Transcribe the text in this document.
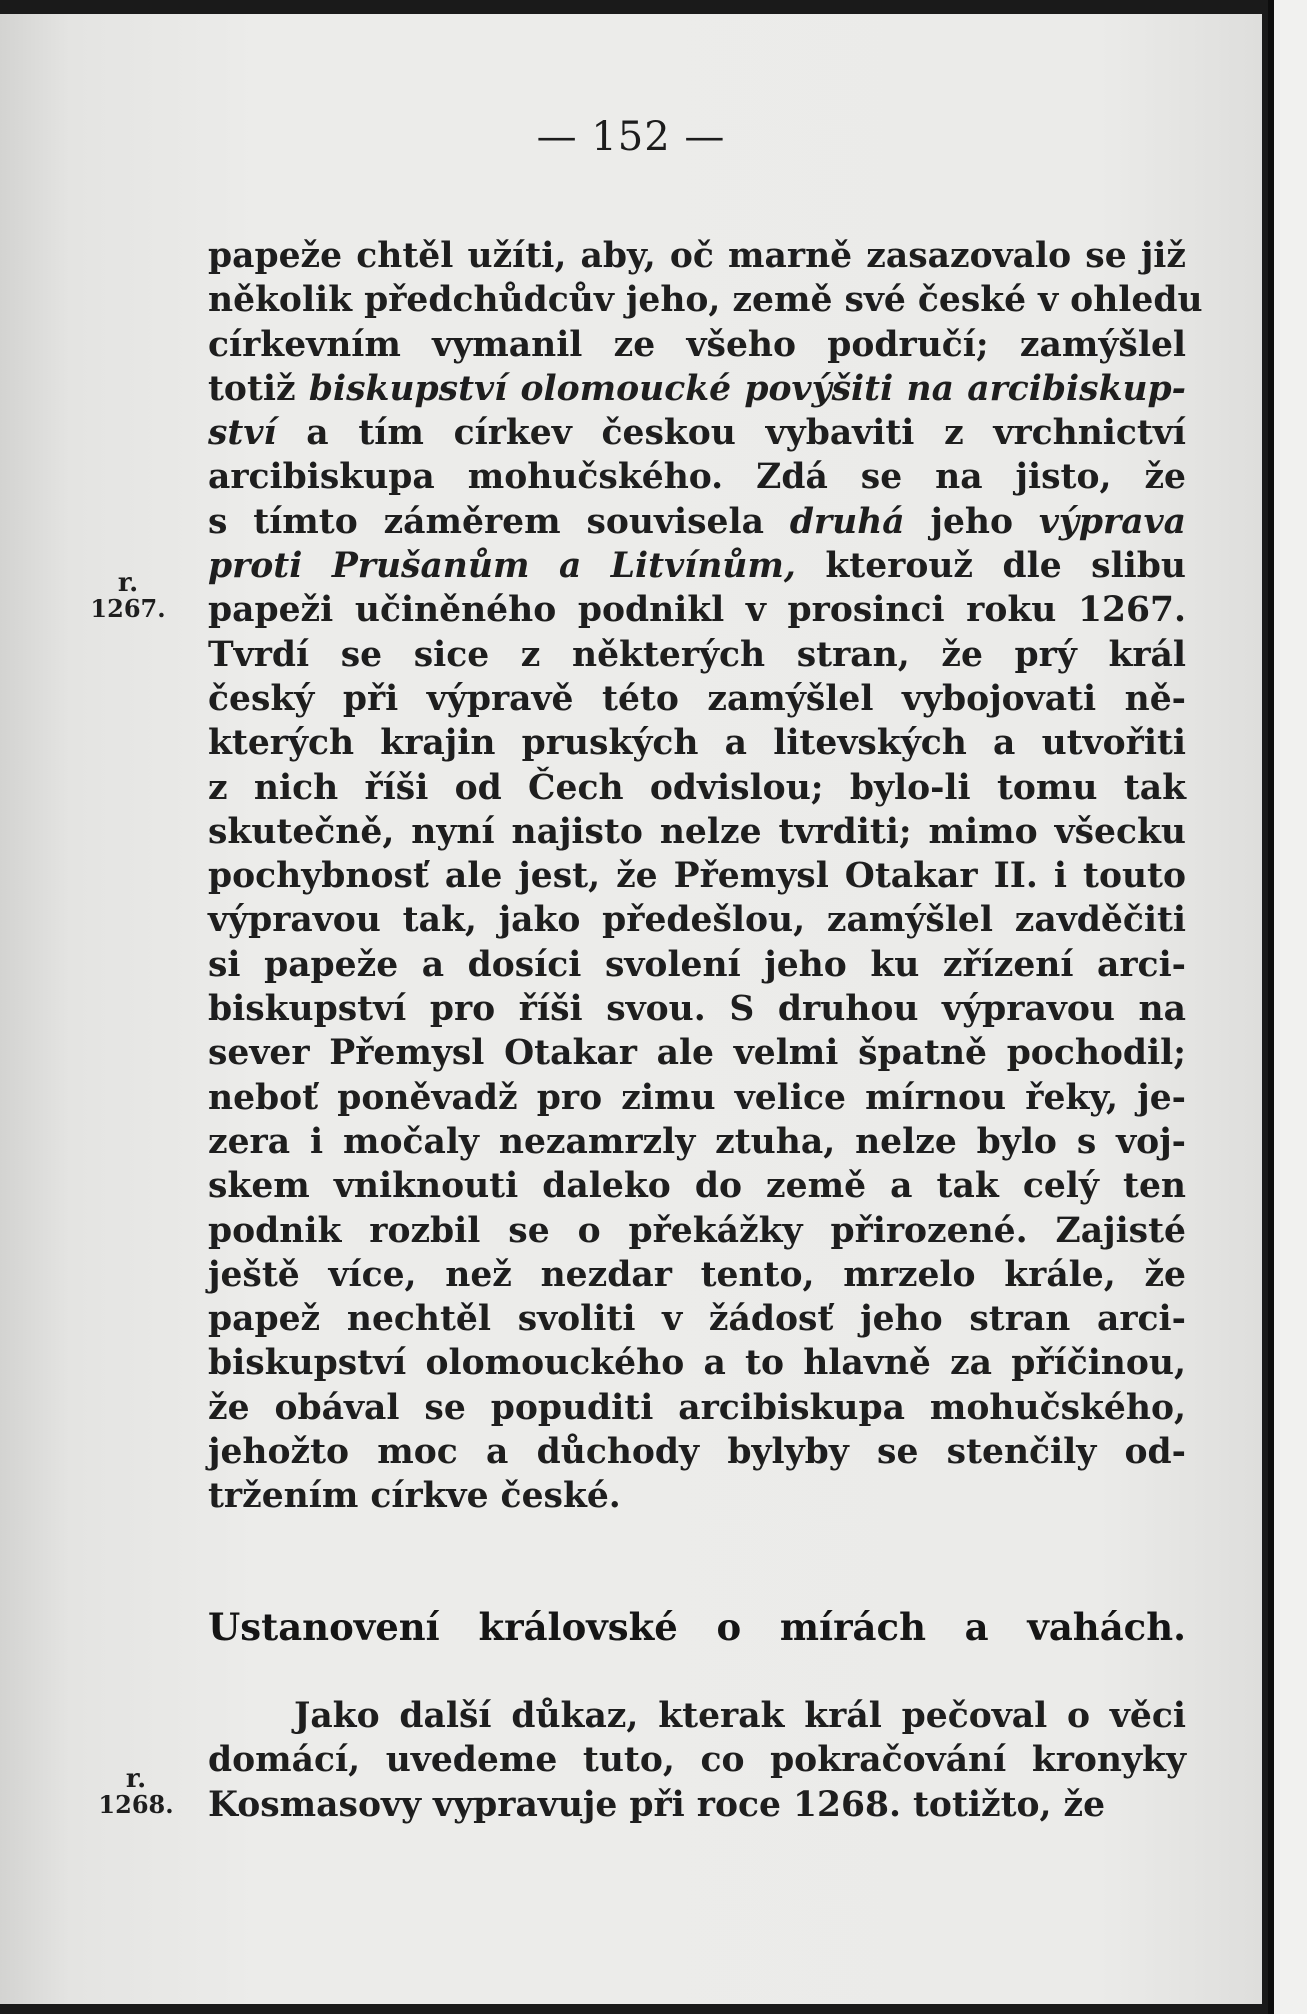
— 152 —
papeže chtěl užíti, aby, oč marně zasazovalo se již
několik předchůdcův jeho, země své české v ohledu
církevním vymanil ze všeho područí; zamýšlel
totiž biskupství olomoucké povýšiti na arcibiskup-
ství a tím církev českou vybaviti z vrchnictví
arcibiskupa mohučského. Zdá se na jisto, že
s tímto záměrem souvisela druhá jeho výprava
proti Prušanům a Litvínům, kterouž dle slibu
papeži učiněného podnikl v prosinci roku 1267.
Tvrdí se sice z některých stran, že prý král
český při výpravě této zamýšlel vybojovati ně-
kterých krajin pruských a litevských a utvořiti
z nich říši od Čech odvislou; bylo-li tomu tak
skutečně, nyní najisto nelze tvrditi; mimo všecku
pochybnosť ale jest, že Přemysl Otakar II. i touto
výpravou tak, jako předešlou, zamýšlel zavděčiti
si papeže a dosíci svolení jeho ku zřízení arci-
biskupství pro říši svou. S druhou výpravou na
sever Přemysl Otakar ale velmi špatně pochodil;
neboť poněvadž pro zimu velice mírnou řeky, je-
zera i močaly nezamrzly ztuha, nelze bylo s voj-
skem vniknouti daleko do země a tak celý ten
podnik rozbil se o překážky přirozené. Zajisté
ještě více, než nezdar tento, mrzelo krále, že
papež nechtěl svoliti v žádosť jeho stran arci-
biskupství olomouckého a to hlavně za příčinou,
že obával se popuditi arcibiskupa mohučského,
jehožto moc a důchody bylyby se stenčily od-
tržením církve české.
r.
1267.
Ustanovení královské o mírách a vahách.
Jako další důkaz, kterak král pečoval o věci
domácí, uvedeme tuto, co pokračování kronyky
Kosmasovy vypravuje při roce 1268. totižto, že
r.
1268.
